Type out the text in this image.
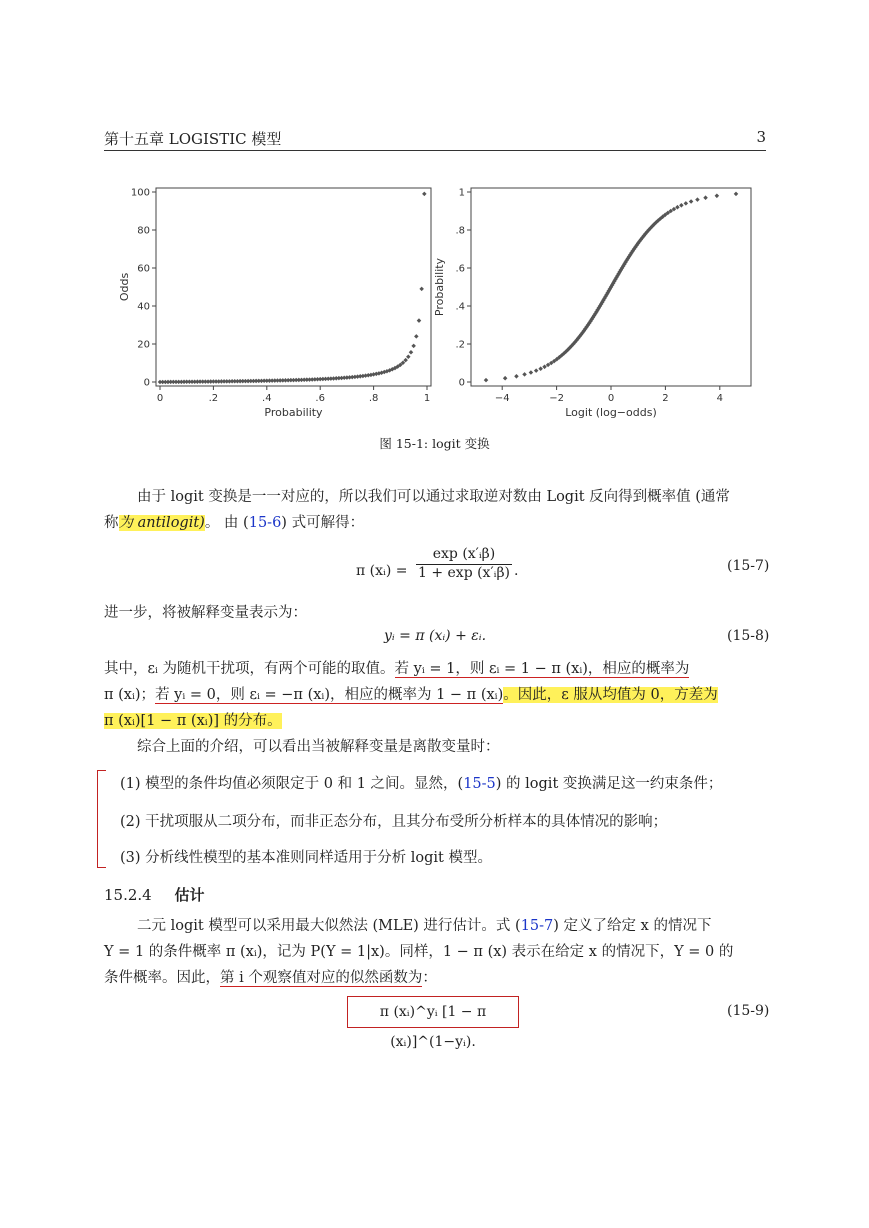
第十五章 LOGISTIC 模型	3
0
20
40
60
80
100
0	.2	.4	.6	.8	1
Probability
Odds
0
.2
.4
.6
.8
1
−4	−2	0	2	4
Logit (log−odds)
Probability
图 15-1: logit 变换
由于 logit 变换是一一对应的，所以我们可以通过求取逆对数由 Logit 反向得到概率值 (通常
称为 antilogit)。 由 (15-6) 式可解得：
π (xᵢ) = $\frac{\text{exp (x′ᵢβ)}}{\text{1 + exp (x′ᵢβ)}}$ .	(15-7)
进一步，将被解释变量表示为：
yᵢ = π (xᵢ) + εᵢ.	(15-8)
其中，εᵢ 为随机干扰项，有两个可能的取值。若 yᵢ = 1，则 εᵢ = 1 − π (xᵢ)，相应的概率为
π (xᵢ)；若 yᵢ = 0，则 εᵢ = −π (xᵢ)，相应的概率为 1 − π (xᵢ)。因此，ε 服从均值为 0，方差为
π (xᵢ)[1 − π (xᵢ)] 的分布。
综合上面的介绍，可以看出当被解释变量是离散变量时：
(1) 模型的条件均值必须限定于 0 和 1 之间。显然，(15-5) 的 logit 变换满足这一约束条件；
(2) 干扰项服从二项分布，而非正态分布，且其分布受所分析样本的具体情况的影响；
(3) 分析线性模型的基本准则同样适用于分析 logit 模型。
15.2.4 估计
二元 logit 模型可以采用最大似然法 (MLE) 进行估计。式 (15-7) 定义了给定 x 的情况下
Y = 1 的条件概率 π (xᵢ)，记为 P(Y = 1|x)。同样，1 − π (x) 表示在给定 x 的情况下，Y = 0 的
条件概率。因此，第 i 个观察值对应的似然函数为：
π (xᵢ)^yᵢ [1 − π (xᵢ)]^(1−yᵢ).
(15-9)
